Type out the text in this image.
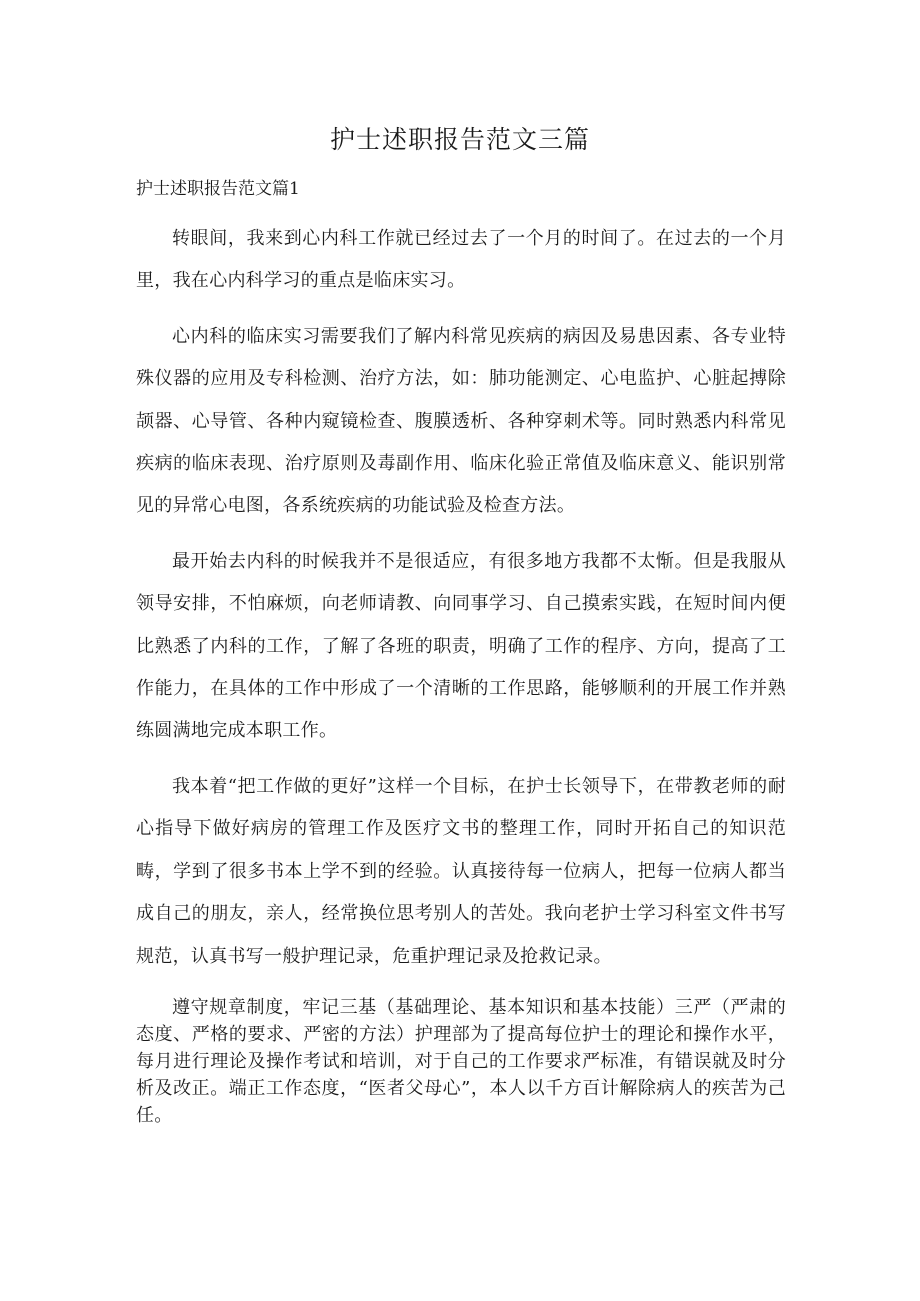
护士述职报告范文三篇
护士述职报告范文篇1

转眼间，我来到心内科工作就已经过去了一个月的时间了。在过去的一个月里，我在心内科学习的重点是临床实习。

心内科的临床实习需要我们了解内科常见疾病的病因及易患因素、各专业特殊仪器的应用及专科检测、治疗方法，如：肺功能测定、心电监护、心脏起搏除颉器、心导管、各种内窥镜检查、腹膜透析、各种穿刺术等。同时熟悉内科常见疾病的临床表现、治疗原则及毒副作用、临床化验正常值及临床意义、能识别常见的异常心电图，各系统疾病的功能试验及检查方法。

最开始去内科的时候我并不是很适应，有很多地方我都不太惭。但是我服从领导安排，不怕麻烦，向老师请教、向同事学习、自己摸索实践，在短时间内便比熟悉了内科的工作，了解了各班的职责，明确了工作的程序、方向，提高了工作能力，在具体的工作中形成了一个清晰的工作思路，能够顺利的开展工作并熟练圆满地完成本职工作。

我本着“把工作做的更好”这样一个目标，在护士长领导下，在带教老师的耐心指导下做好病房的管理工作及医疗文书的整理工作，同时开拓自己的知识范畴，学到了很多书本上学不到的经验。认真接待每一位病人，把每一位病人都当成自己的朋友，亲人，经常换位思考别人的苦处。我向老护士学习科室文件书写规范，认真书写一般护理记录，危重护理记录及抢救记录。

遵守规章制度，牢记三基（基础理论、基本知识和基本技能）三严（严肃的态度、严格的要求、严密的方法）护理部为了提高每位护士的理论和操作水平，每月进行理论及操作考试和培训，对于自己的工作要求严标准，有错误就及时分析及改正。端正工作态度，“医者父母心”，本人以千方百计解除病人的疾苦为己任。
